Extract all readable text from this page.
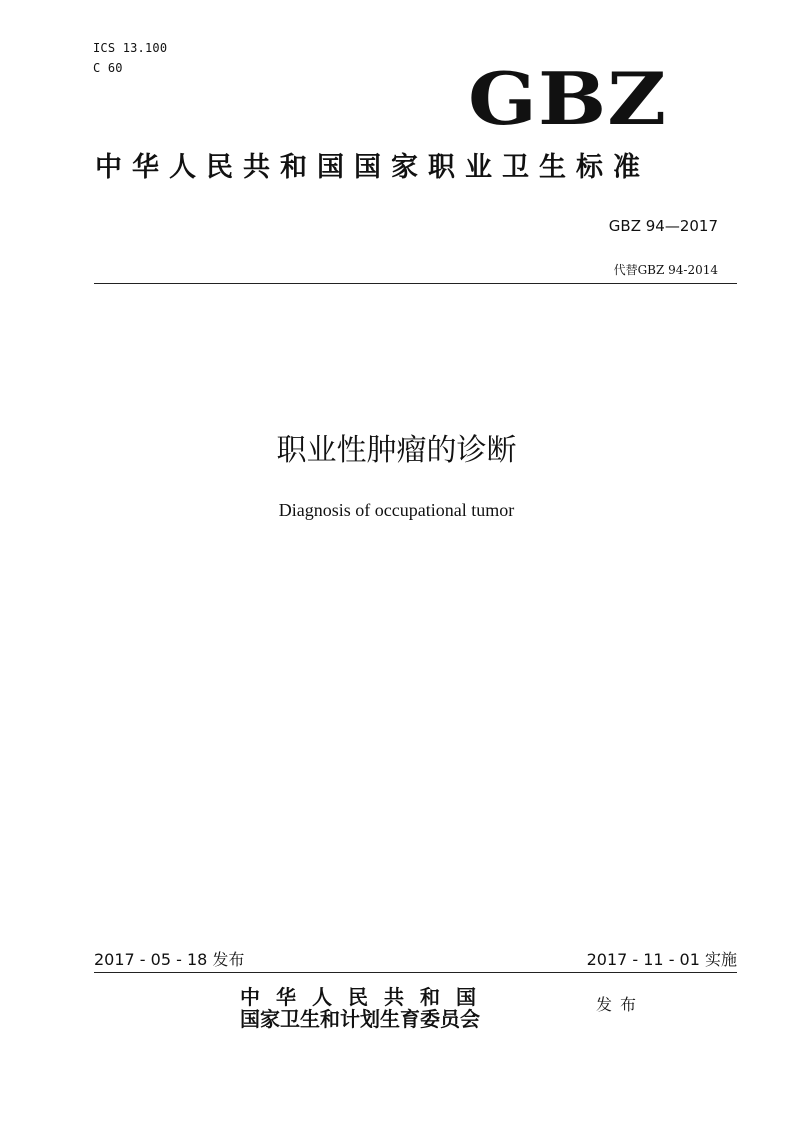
ICS 13.100
C 60	GBZ
中华人民共和国国家职业卫生标准
GBZ 94—2017
代替GBZ 94-2014
职业性肿瘤的诊断
Diagnosis of occupational tumor
2017 - 05 - 18 发布	2017 - 11 - 01 实施
中华人民共和国
国家卫生和计划生育委员会
发布
